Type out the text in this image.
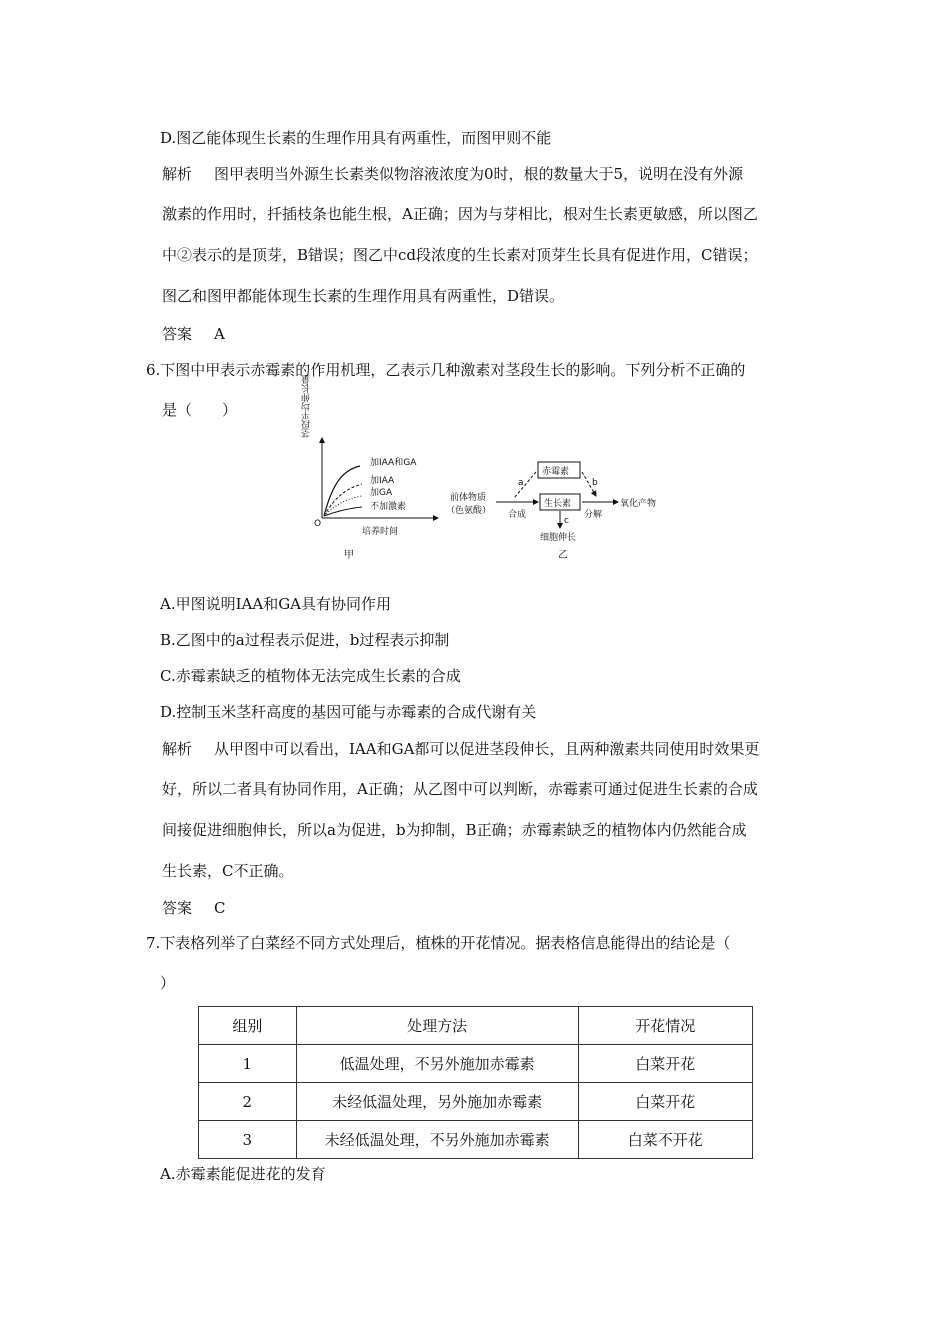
D.图乙能体现生长素的生理作用具有两重性，而图甲则不能
解析 图甲表明当外源生长素类似物溶液浓度为0时，根的数量大于5，说明在没有外源
激素的作用时，扦插枝条也能生根，A正确；因为与芽相比，根对生长素更敏感，所以图乙
中②表示的是顶芽，B错误；图乙中cd段浓度的生长素对顶芽生长具有促进作用，C错误；
图乙和图甲都能体现生长素的生理作用具有两重性，D错误。
答案 A
6.下图中甲表示赤霉素的作用机理，乙表示几种激素对茎段生长的影响。下列分析不正确的
是（　　）
O
茎段平均伸长量
培养时间
加IAA和GA
加IAA
加GA
不加激素
甲
前体物质
（色氨酸）
赤霉素
生长素
合成	分解
氧化产物
a	b
c
细胞伸长
乙
A.甲图说明IAA和GA具有协同作用
B.乙图中的a过程表示促进，b过程表示抑制
C.赤霉素缺乏的植物体无法完成生长素的合成
D.控制玉米茎秆高度的基因可能与赤霉素的合成代谢有关
解析 从甲图中可以看出，IAA和GA都可以促进茎段伸长，且两种激素共同使用时效果更
好，所以二者具有协同作用，A正确；从乙图中可以判断，赤霉素可通过促进生长素的合成
间接促进细胞伸长，所以a为促进，b为抑制，B正确；赤霉素缺乏的植物体内仍然能合成
生长素，C不正确。
答案 C
7.下表格列举了白菜经不同方式处理后，植株的开花情况。据表格信息能得出的结论是（
）
组别	处理方法	开花情况
1	低温处理，不另外施加赤霉素	白菜开花
2	未经低温处理，另外施加赤霉素	白菜开花
3	未经低温处理，不另外施加赤霉素	白菜不开花
A.赤霉素能促进花的发育
